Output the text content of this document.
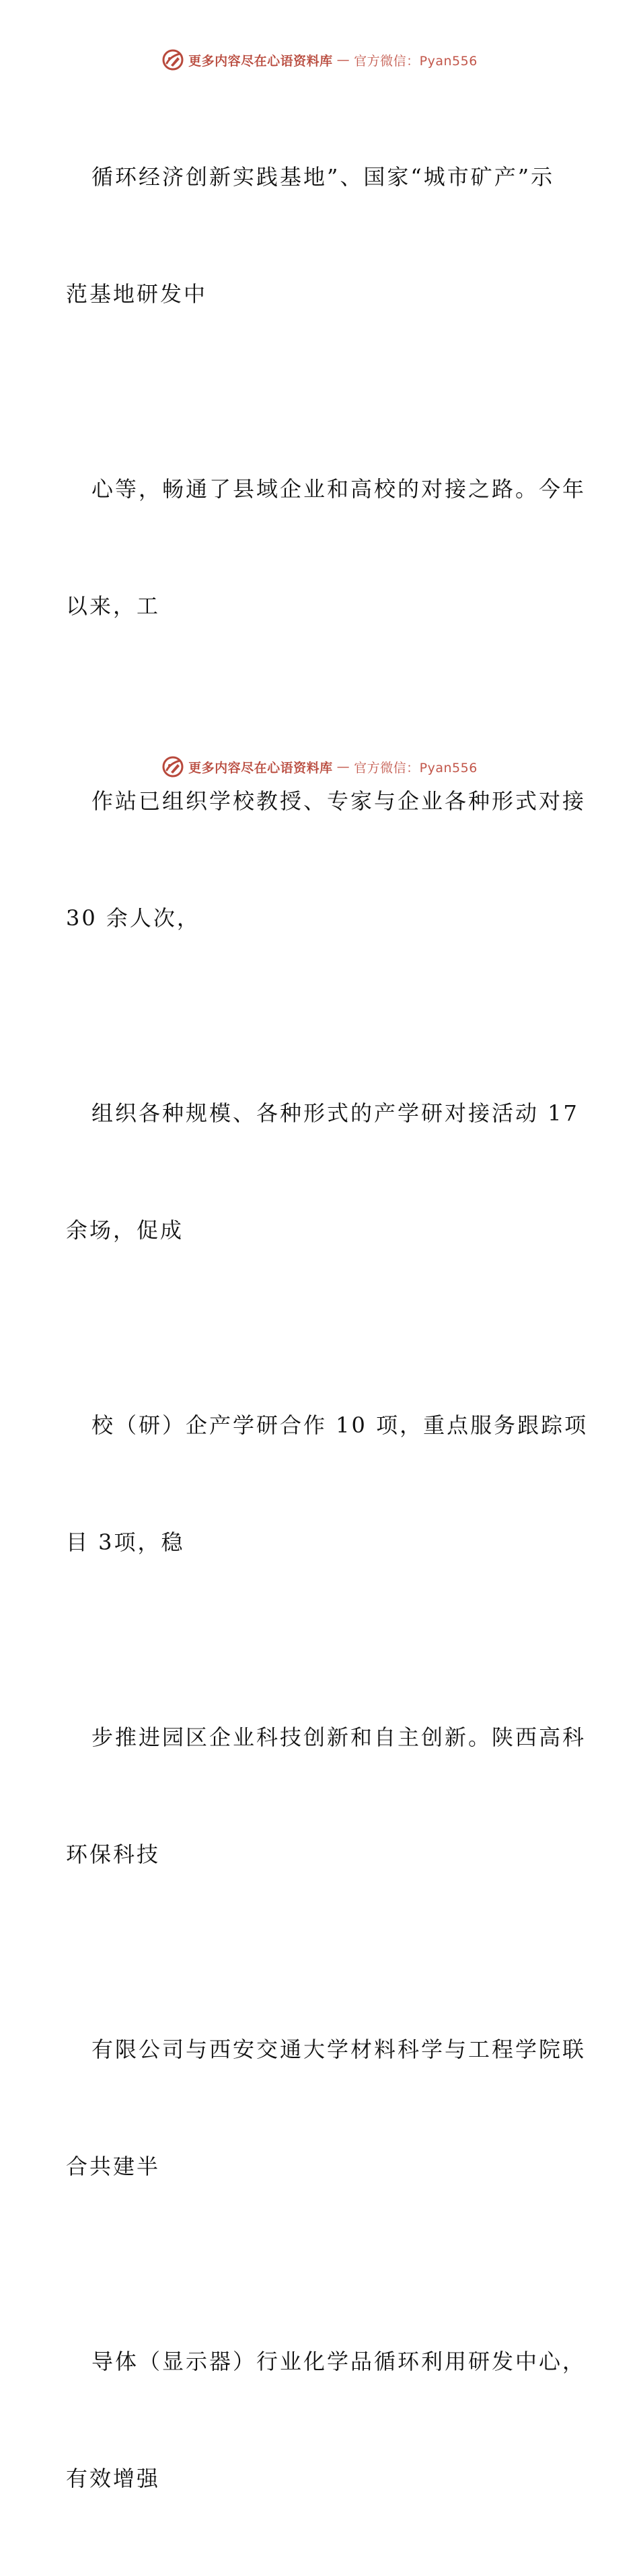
更多内容尽在心语资料库 — 官方微信：Pyan556

循环经济创新实践基地”、国家“城市矿产”示

范基地研发中

心等，畅通了县域企业和高校的对接之路。今年

以来，工

作站已组织学校教授、专家与企业各种形式对接

30 余人次，

组织各种规模、各种形式的产学研对接活动 17

余场，促成

校（研）企产学研合作 10 项，重点服务跟踪项

目 3项，稳

步推进园区企业科技创新和自主创新。陕西高科

环保科技

有限公司与西安交通大学材料科学与工程学院联

合共建半

导体（显示器）行业化学品循环利用研发中心，

有效增强

更多内容尽在心语资料库 — 官方微信：Pyan556
